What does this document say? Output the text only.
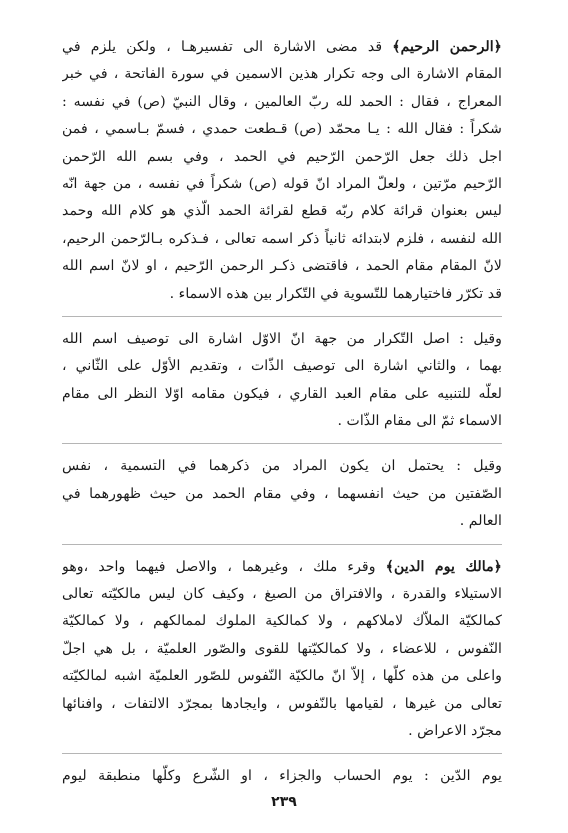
﴿الرحمن الرحيم﴾ قد مضى الاشارة الى تفسيرهـا ، ولكن يلزم في
المقام الاشارة الى وجه تكرار هذين الاسمين في سورة الفاتحة ، في خبر
المعراج ، فقال : الحمد لله ربّ العالمين ، وقال النبيّ (ص) في نفسه :
شكراً : فقال الله : يـا محمّد (ص) قـطعت حمدي ، فسمّ بـاسمي ، فمن
اجل ذلك جعل الرّحمن الرّحيم في الحمد ، وفي بسم الله الرّحمن
الرّحيم مرّتين ، ولعلّ المراد انّ قوله (ص) شكراً في نفسه ، من جهة انّه
ليس بعنوان قرائة كلام ربّه قطع لقرائة الحمد الّذي هو كلام الله وحمد
الله لنفسه ، فلزم لابتدائه ثانياً ذكر اسمه تعالى ، فـذكره بـالرّحمن الرحيم،
لانّ المقام مقام الحمد ، فاقتضى ذكـر الرحمن الرّحيم ، او لانّ اسم الله
قد تكرّر فاختيارهما للتّسوية في التّكرار بين هذه الاسماء .
وقيل : اصل التّكرار من جهة انّ الاوّل اشارة الى توصيف اسم الله
بهما ، والثاني اشارة الى توصيف الذّات ، وتقديم الأوّل على الثّاني ،
لعلّه للتنبيه على مقام العبد القاري ، فيكون مقامه اوّلا النظر الى مقام
الاسماء ثمّ الى مقام الذّات .
وقيل : يحتمل ان يكون المراد من ذكرهما في التسمية ، نفس
الصّفتين من حيث انفسهما ، وفي مقام الحمد من حيث ظهورهما في
العالم .
﴿مالك يوم الدين﴾ وقرء ملك ، وغيرهما ، والاصل فيهما واحد ،وهو
الاستيلاء والقدرة ، والافتراق من الصيغ ، وكيف كان ليس مالكيّته تعالى
كمالكيّة الملاّك لاملاكهم ، ولا كمالكية الملوك لممالكهم ، ولا كمالكيّة
النّفوس ، للاعضاء ، ولا كمالكيّتها للقوى والصّور العلميّة ، بل هي اجلّ
واعلى من هذه كلّها ، إلاّ انّ مالكيّة النّفوس للصّور العلميّة اشبه لمالكيّته
تعالى من غيرها ، لقيامها بالنّفوس ، وايجادها بمجرّد الالتفات ، وافنائها
مجرّد الاعراض .
يوم الدّين : يوم الحساب والجزاء ، او الشّرع وكلّها منطبقة ليوم
٢٣٩
